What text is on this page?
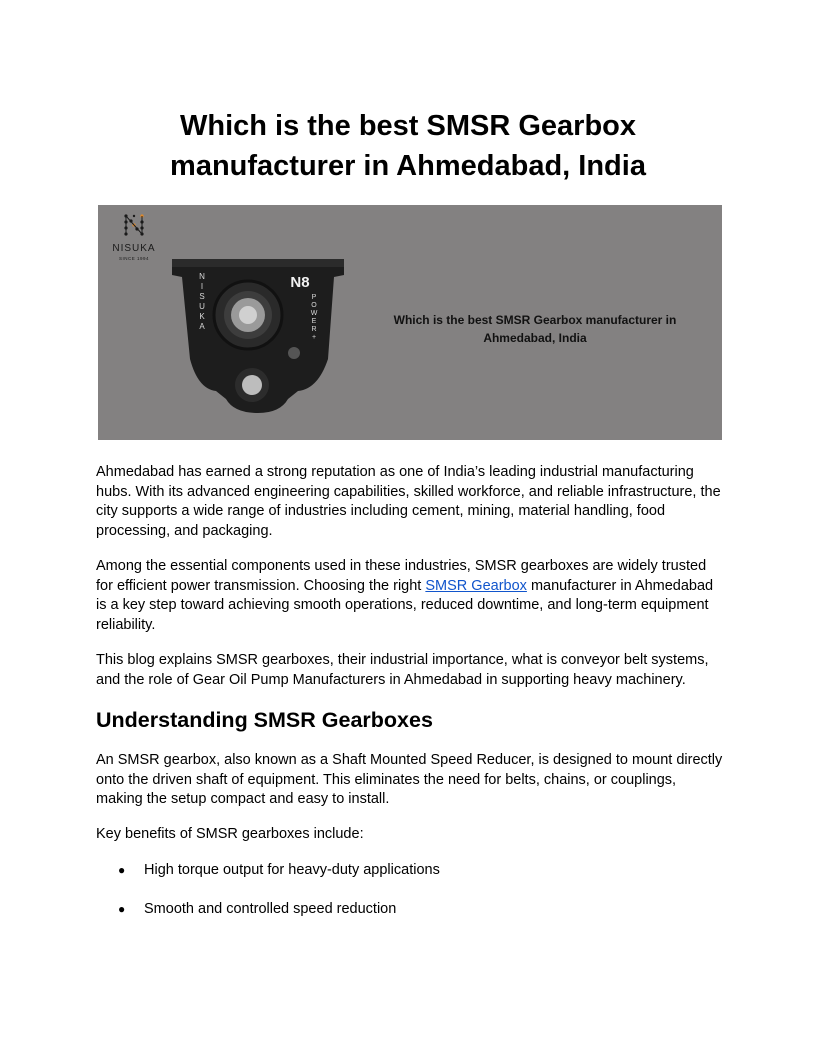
Which is the best SMSR Gearbox
manufacturer in Ahmedabad, India
NISUKA
SINCE 1994
N
I
S
U
K
A
N8
P
O
W
E
R
+
Which is the best SMSR Gearbox manufacturer in
Ahmedabad, India

Ahmedabad has earned a strong reputation as one of India’s leading industrial manufacturing hubs. With its advanced engineering capabilities, skilled workforce, and reliable infrastructure, the city supports a wide range of industries including cement, mining, material handling, food processing, and packaging.

Among the essential components used in these industries, SMSR gearboxes are widely trusted for efficient power transmission. Choosing the right SMSR Gearbox manufacturer in Ahmedabad is a key step toward achieving smooth operations, reduced downtime, and long-term equipment reliability.

This blog explains SMSR gearboxes, their industrial importance, what is conveyor belt systems, and the role of Gear Oil Pump Manufacturers in Ahmedabad in supporting heavy machinery.

Understanding SMSR Gearboxes

An SMSR gearbox, also known as a Shaft Mounted Speed Reducer, is designed to mount directly onto the driven shaft of equipment. This eliminates the need for belts, chains, or couplings, making the setup compact and easy to install.

Key benefits of SMSR gearboxes include:

●	High torque output for heavy-duty applications
●	Smooth and controlled speed reduction
